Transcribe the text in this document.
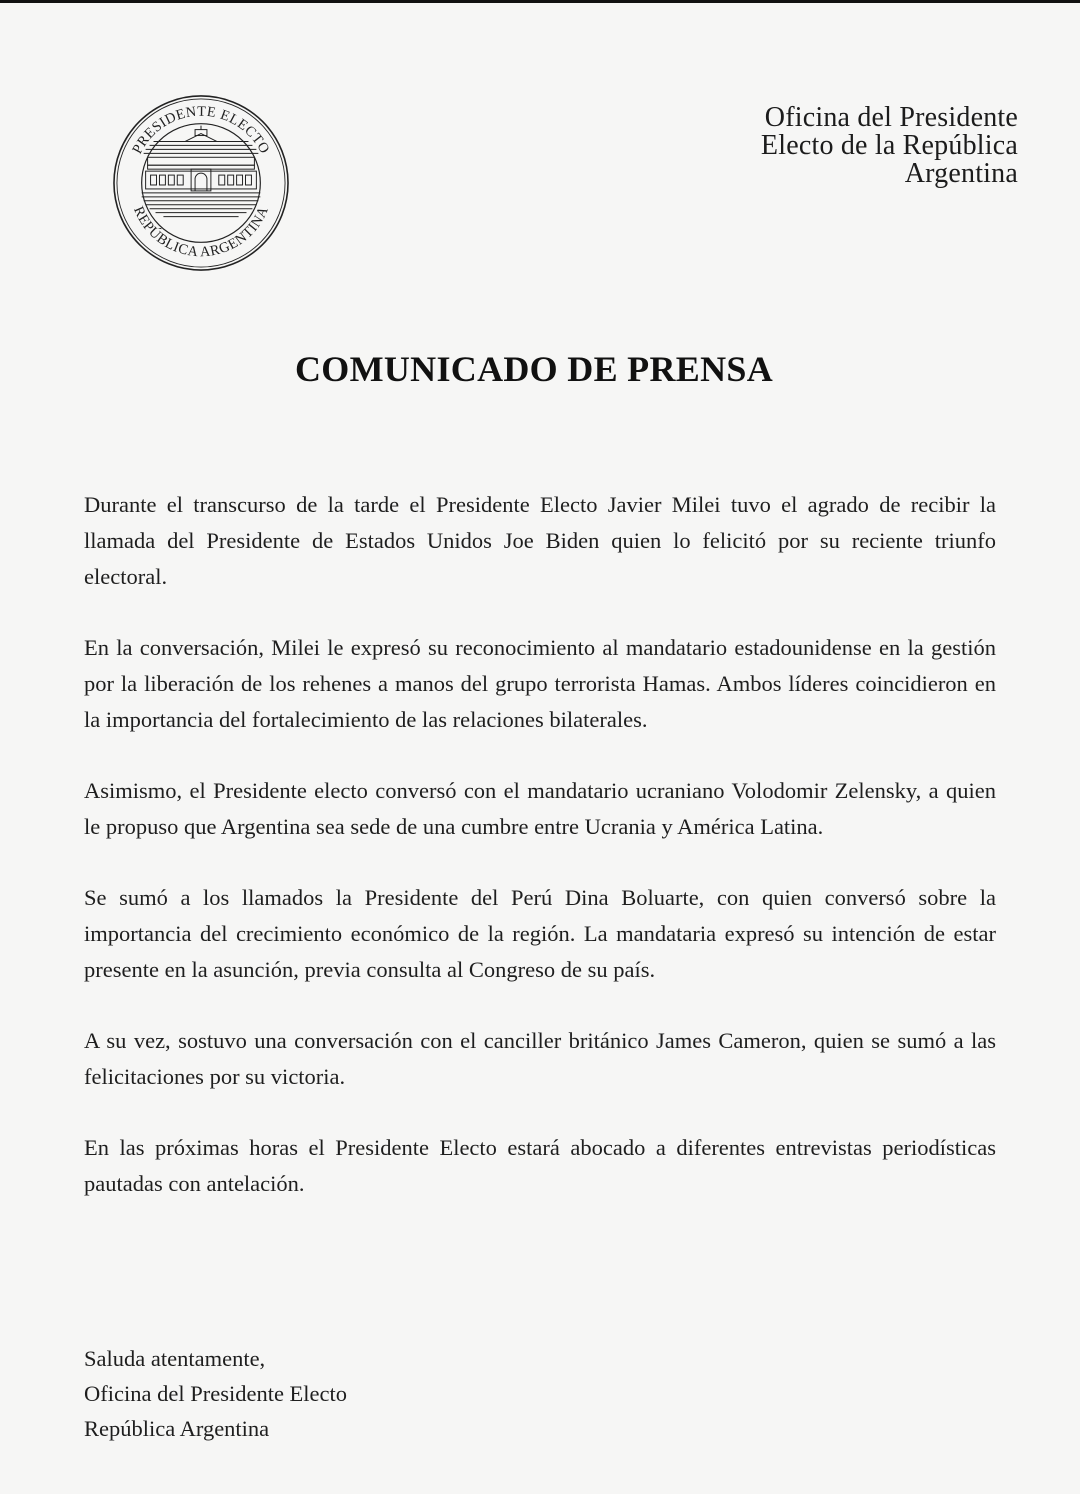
PRESIDENTE ELECTO
REPÚBLICA ARGENTINA
Oficina del Presidente
Electo de la República
Argentina
COMUNICADO DE PRENSA

Durante el transcurso de la tarde el Presidente Electo Javier Milei tuvo el agrado de recibir la llamada del Presidente de Estados Unidos Joe Biden quien lo felicitó por su reciente triunfo electoral.

En la conversación, Milei le expresó su reconocimiento al mandatario estadounidense en la gestión por la liberación de los rehenes a manos del grupo terrorista Hamas. Ambos líderes coincidieron en la importancia del fortalecimiento de las relaciones bilaterales.

Asimismo, el Presidente electo conversó con el mandatario ucraniano Volodomir Zelensky, a quien le propuso que Argentina sea sede de una cumbre entre Ucrania y América Latina.

Se sumó a los llamados la Presidente del Perú Dina Boluarte, con quien conversó sobre la importancia del crecimiento económico de la región. La mandataria expresó su intención de estar presente en la asunción, previa consulta al Congreso de su país.

A su vez, sostuvo una conversación con el canciller británico James Cameron, quien se sumó a las felicitaciones por su victoria.

En las próximas horas el Presidente Electo estará abocado a diferentes entrevistas periodísticas pautadas con antelación.

Saluda atentamente,
Oficina del Presidente Electo
República Argentina
